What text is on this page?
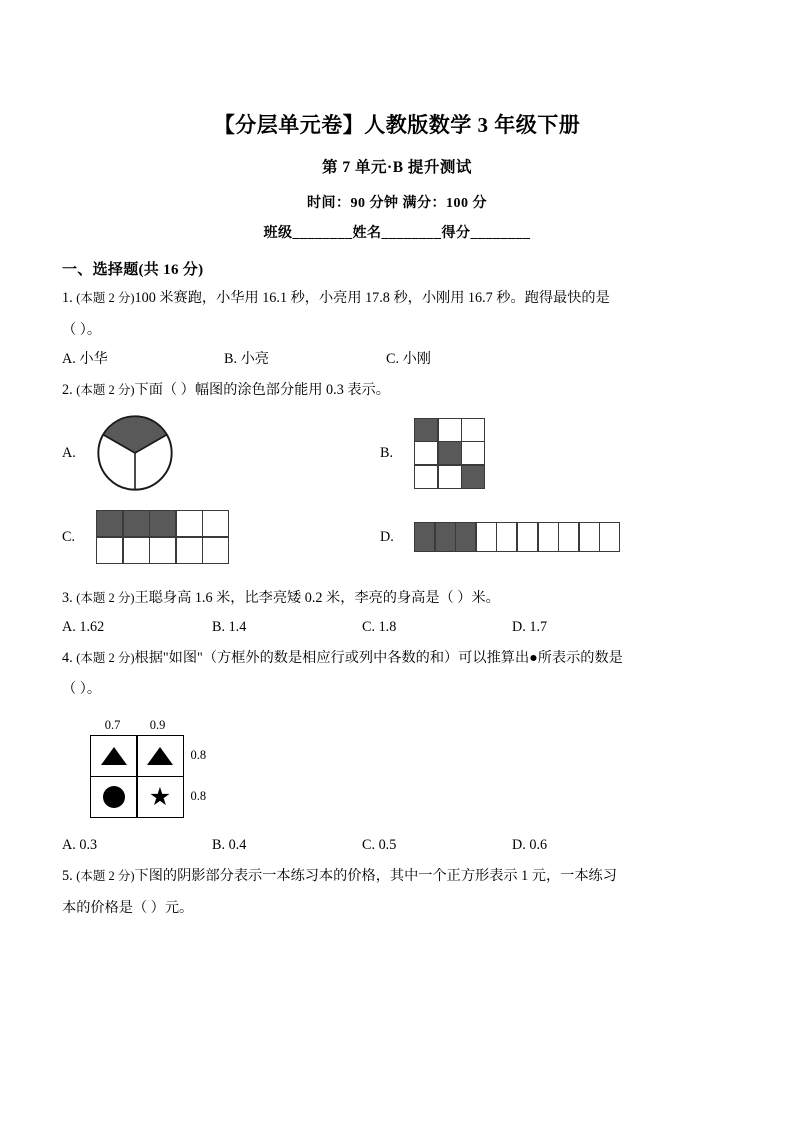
【分层单元卷】人教版数学 3 年级下册
第 7 单元·B 提升测试
时间：90 分钟 满分：100 分
班级________姓名________得分________
一、选择题(共 16 分)
1. (本题 2 分)100 米赛跑，小华用 16.1 秒，小亮用 17.8 秒，小刚用 16.7 秒。跑得最快的是
（ ）。
A. 小华	B. 小亮	C. 小刚
2. (本题 2 分)下面（ ）幅图的涂色部分能用 0.3 表示。
A.	B.
C.	D.
3. (本题 2 分)王聪身高 1.6 米，比李亮矮 0.2 米，李亮的身高是（ ）米。
A. 1.62	B. 1.4	C. 1.8	D. 1.7
4. (本题 2 分)根据"如图"（方框外的数是相应行或列中各数的和）可以推算出●所表示的数是
（ ）。
0.7	0.9
★
0.8
0.8
A. 0.3	B. 0.4	C. 0.5	D. 0.6
5. (本题 2 分)下图的阴影部分表示一本练习本的价格，其中一个正方形表示 1 元，一本练习
本的价格是（ ）元。
